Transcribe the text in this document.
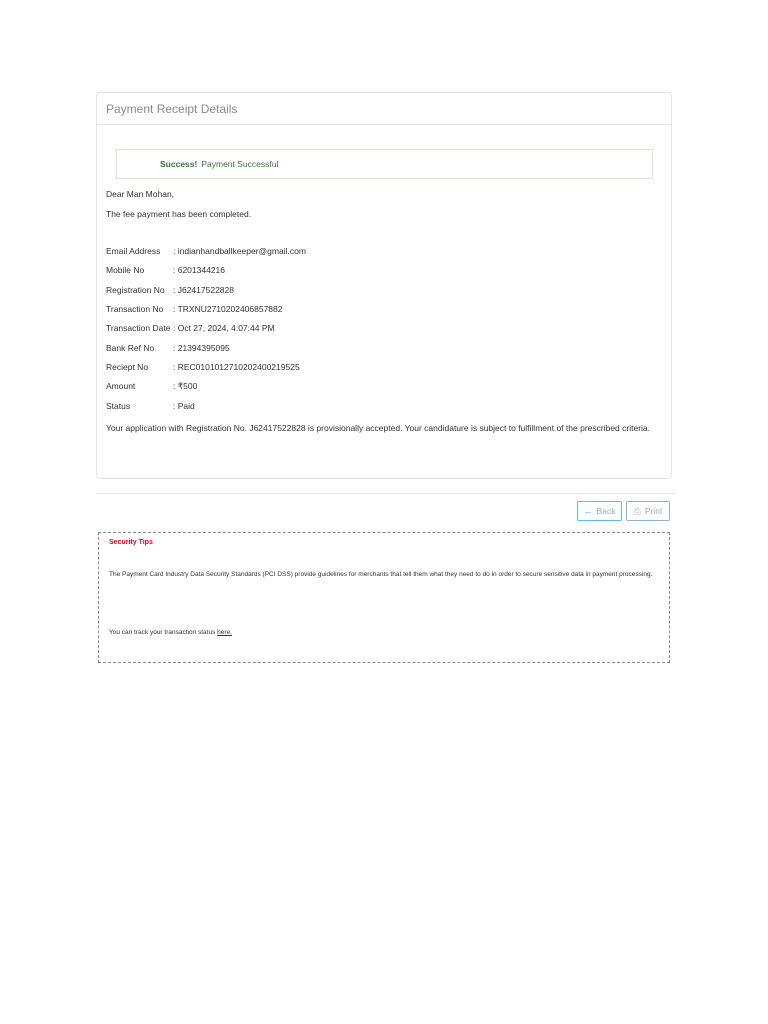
Payment Receipt Details
Success! Payment Successful
Dear Man Mohan,
The fee payment has been completed.
Email Address : indianhandballkeeper@gmail.com
Mobile No	: 6201344216
Registration No : J62417522828
Transaction No : TRXNU2710202406857882
Transaction Date : Oct 27, 2024, 4:07:44 PM
Bank Ref No : 21394395095
Reciept No	: REC010101271020240021952​5
Amount	: ₹500
Status	: Paid
Your application with Registration No. J62417522828 is provisionally accepted. Your candidature is subject to fulfillment of the prescribed criteria.
← Back ⎙ Print
Security Tips
The Payment Card Industry Data Security Standards (PCI DSS) provide guidelines for merchants that tell them what they need to do in order to secure sensitive data in payment processing.
You can track your transaction status here.
